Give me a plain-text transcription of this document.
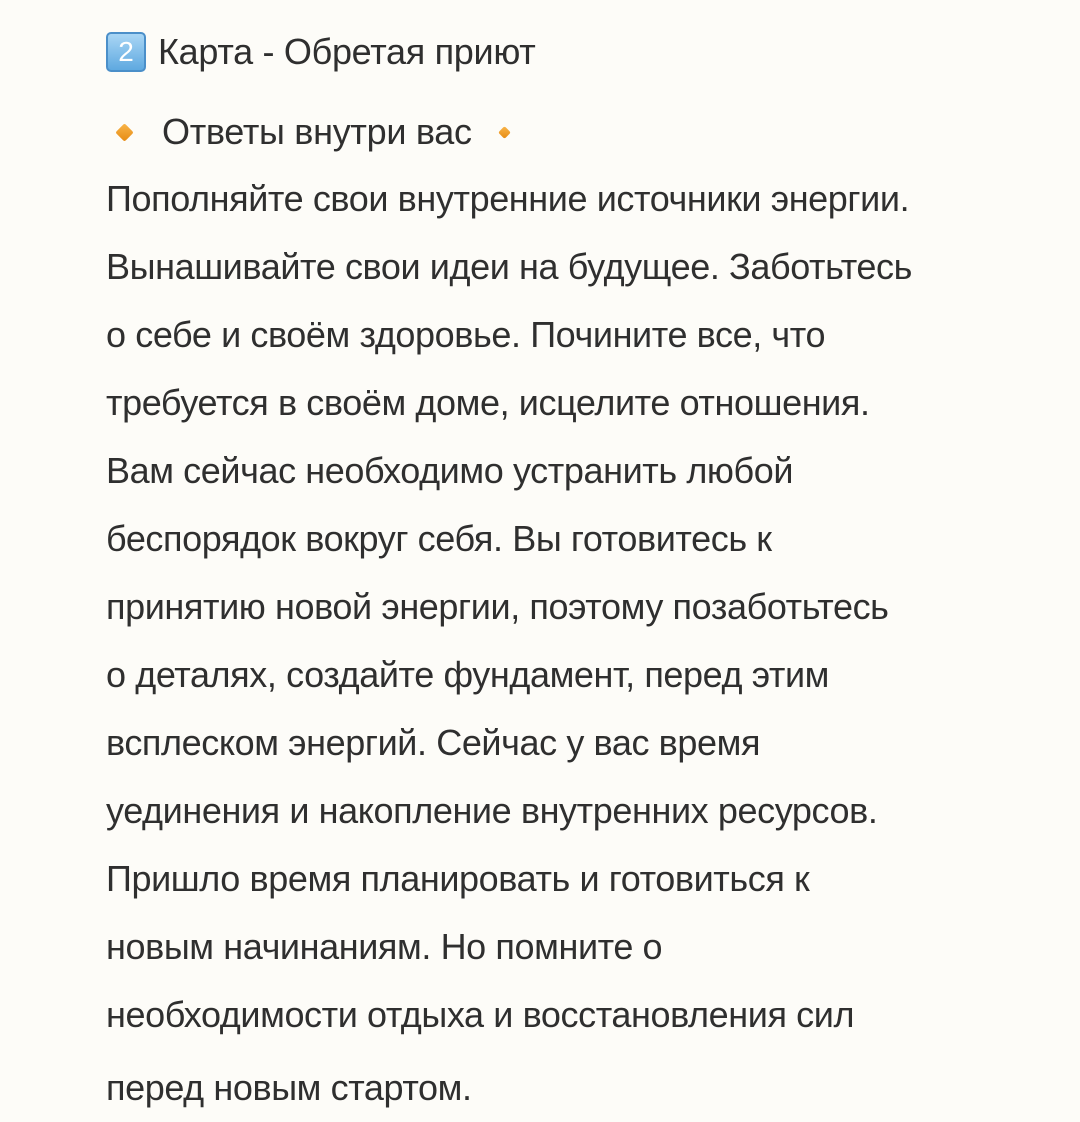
2 Карта - Обретая приют
Ответы внутри вас
Пополняйте свои внутренние источники энергии.
Вынашивайте свои идеи на будущее. Заботьтесь
о себе и своём здоровье. Почините все, что
требуется в своём доме, исцелите отношения.
Вам сейчас необходимо устранить любой
беспорядок вокруг себя. Вы готовитесь к
принятию новой энергии, поэтому позаботьтесь
о деталях, создайте фундамент, перед этим
всплеском энергий. Сейчас у вас время
уединения и накопление внутренних ресурсов.
Пришло время планировать и готовиться к
новым начинаниям. Но помните о
необходимости отдыха и восстановления сил
перед новым стартом.
